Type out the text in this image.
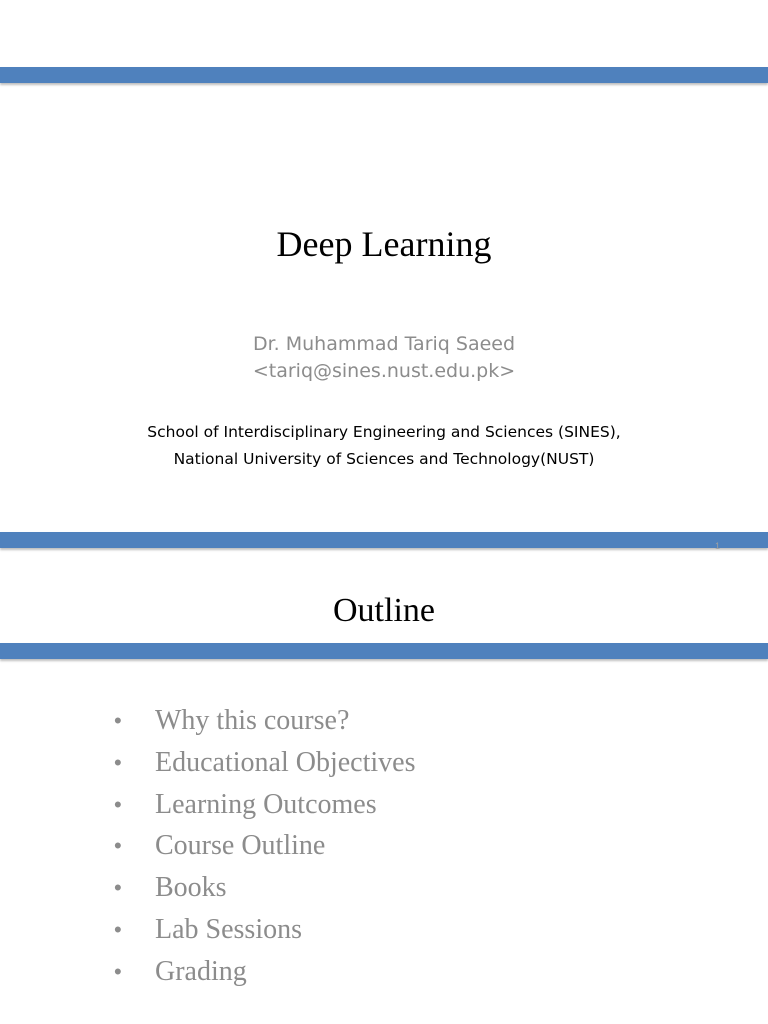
Deep Learning
Dr. Muhammad Tariq Saeed
<tariq@sines.nust.edu.pk>
School of Interdisciplinary Engineering and Sciences (SINES),
National University of Sciences and Technology(NUST)
1
Outline
• Why this course?
• Educational Objectives
• Learning Outcomes
• Course Outline
• Books
• Lab Sessions
• Grading
